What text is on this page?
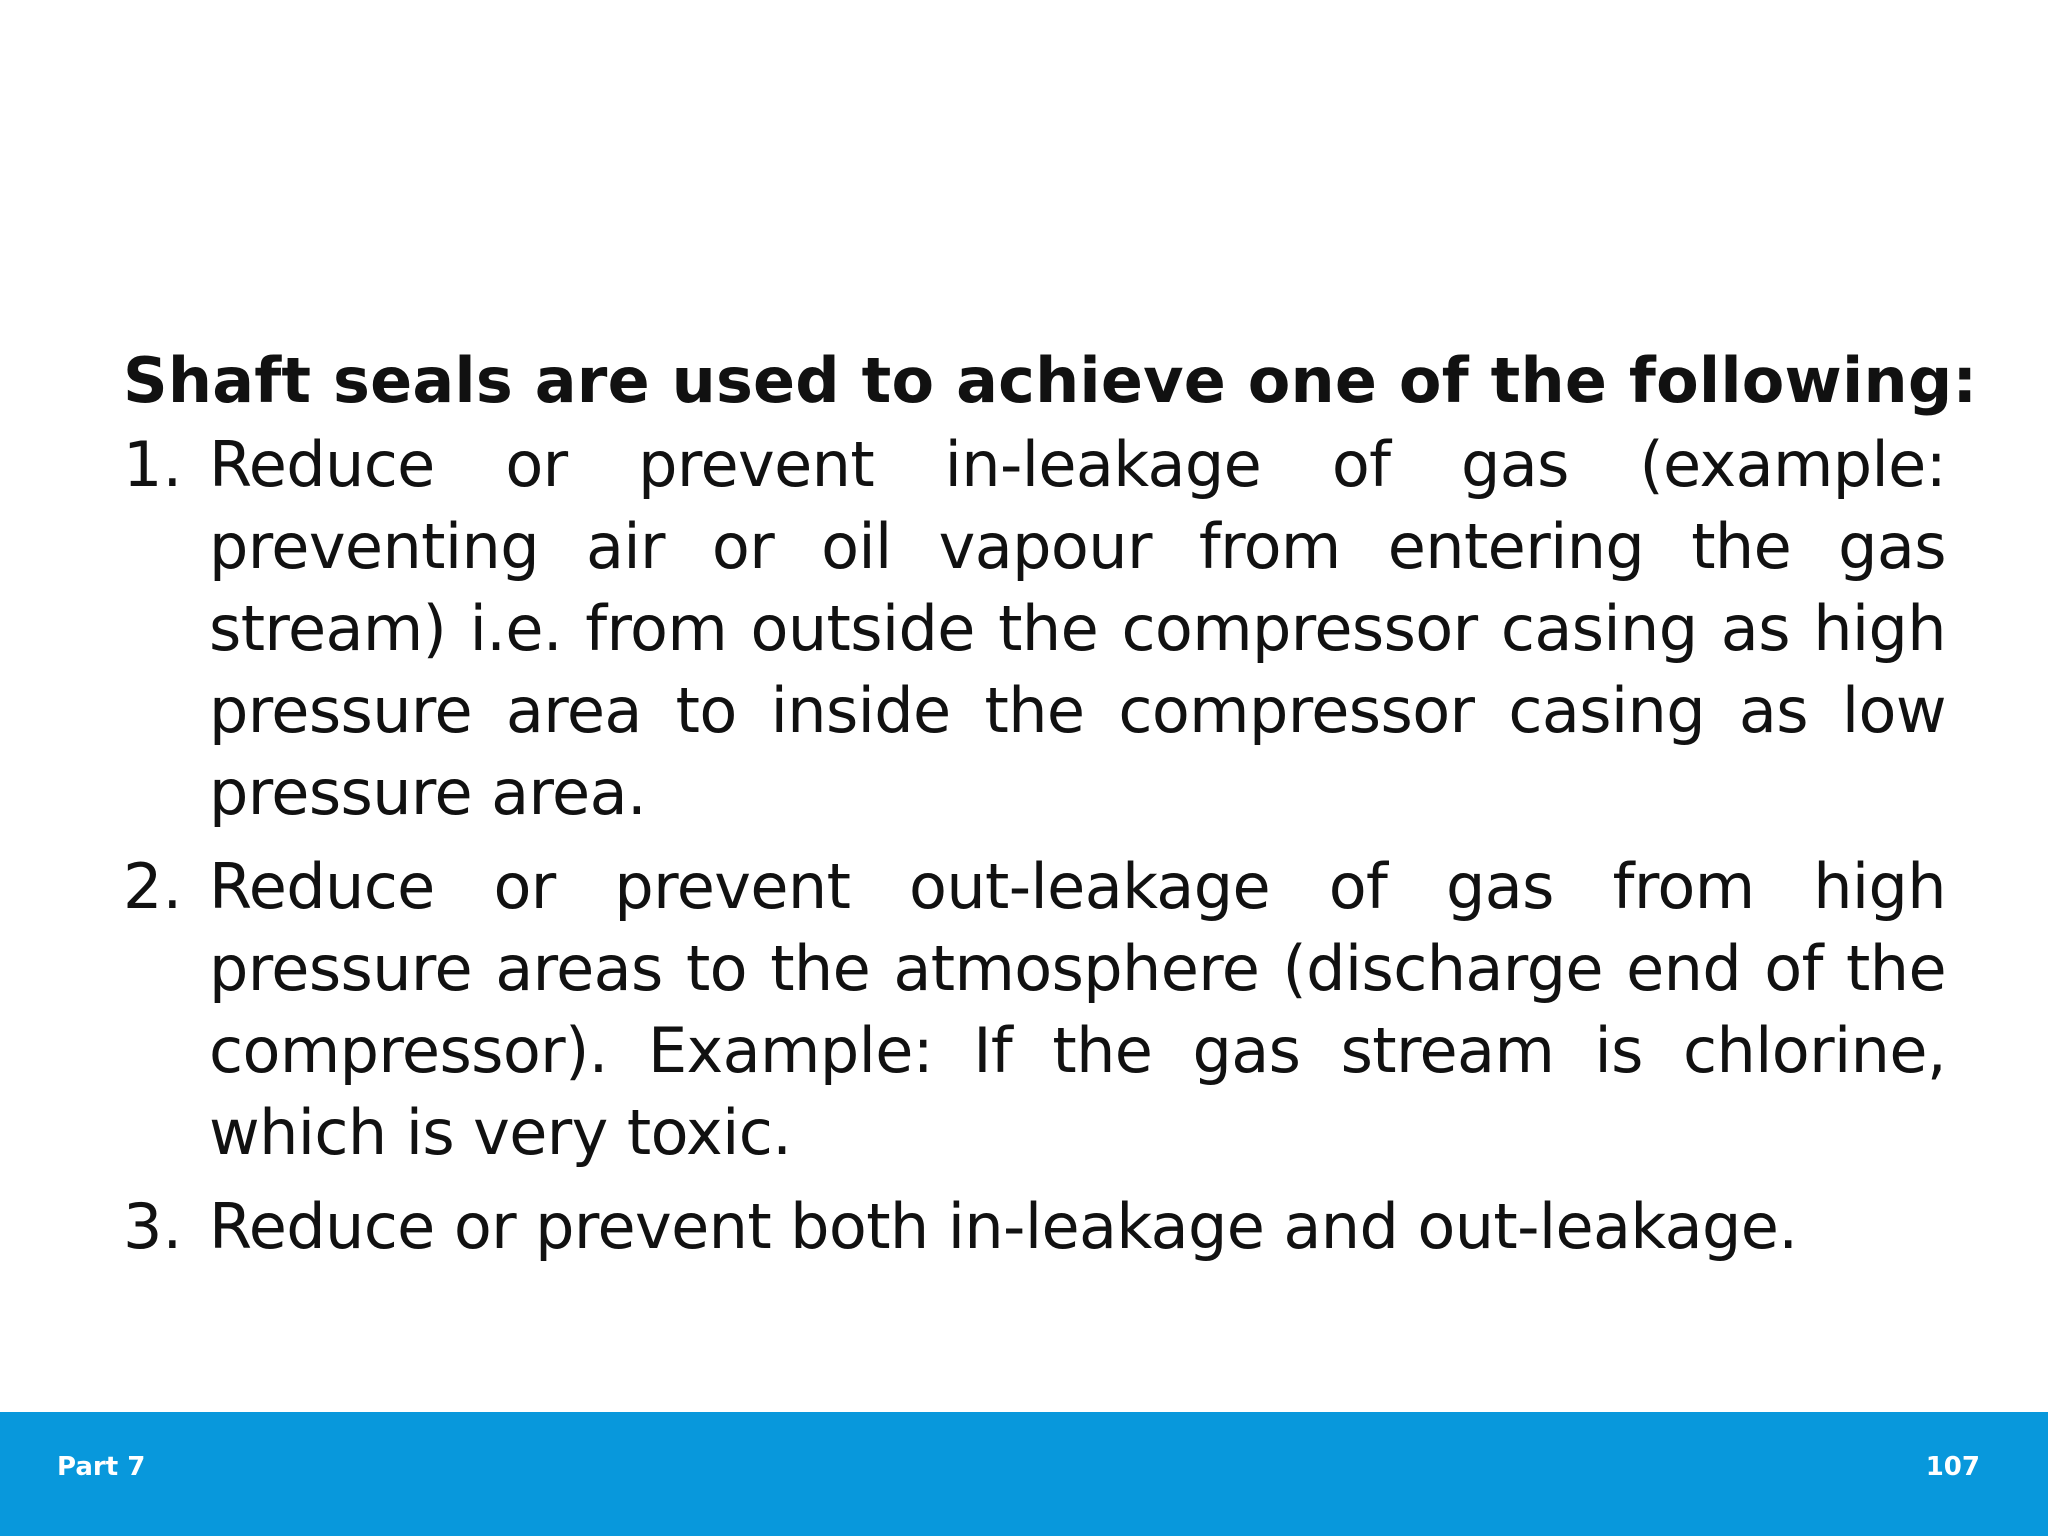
Shaft seals are used to achieve one of the following:
1. Reduce or prevent in-leakage of gas (example: preventing air or oil vapour from entering the gas stream) i.e. from outside the compressor casing as high pressure area to inside the compressor casing as low pressure area.
2. Reduce or prevent out-leakage of gas from high pressure areas to the atmosphere (discharge end of the compressor). Example: If the gas stream is chlorine, which is very toxic.
3. Reduce or prevent both in-leakage and out-leakage.
Part 7	107
